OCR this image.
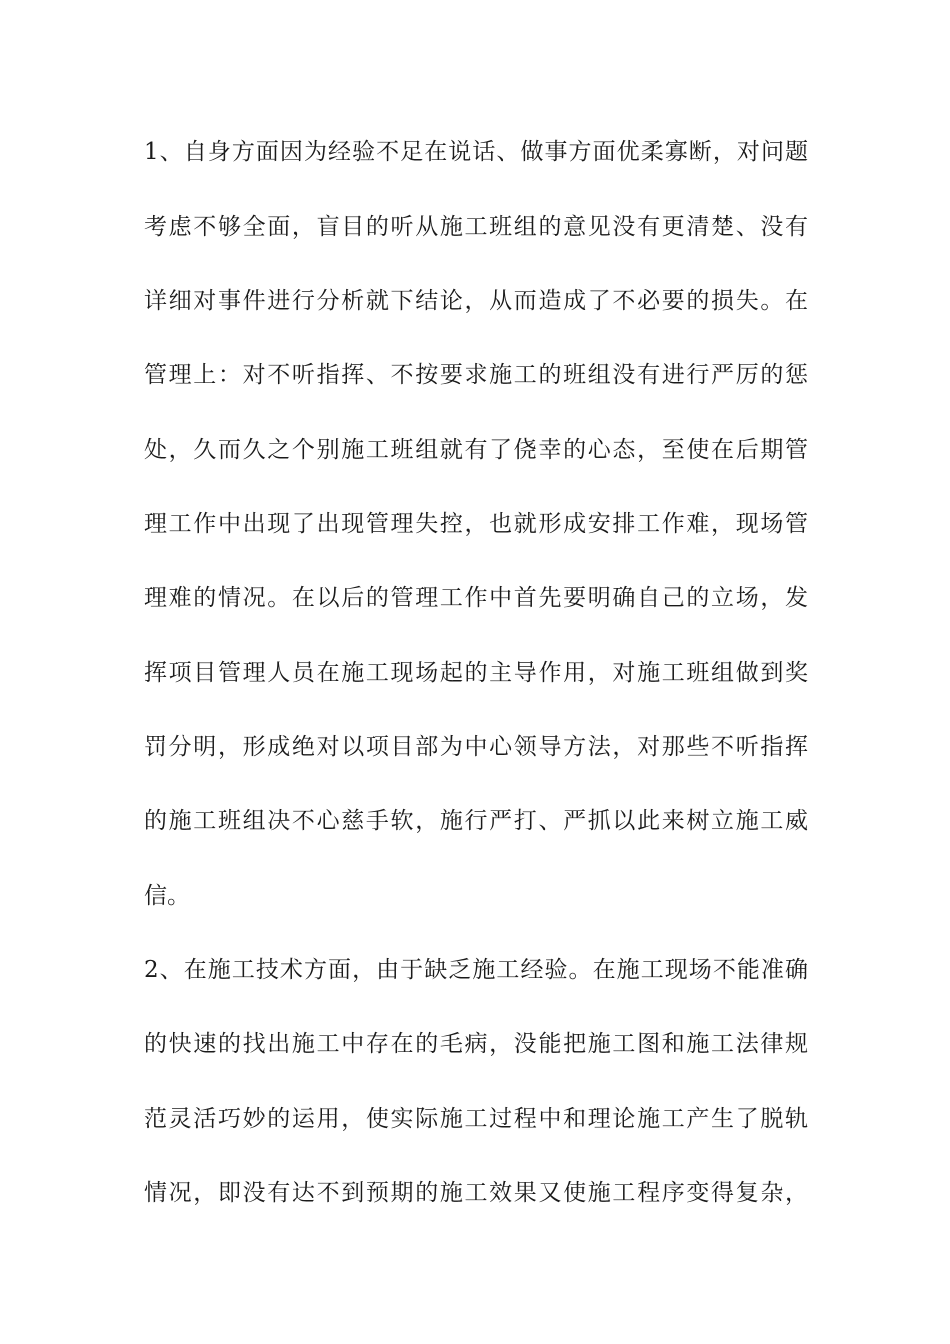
1、自身方面因为经验不足在说话、做事方面优柔寡断，对问题
考虑不够全面，盲目的听从施工班组的意见没有更清楚、没有
详细对事件进行分析就下结论，从而造成了不必要的损失。在
管理上：对不听指挥、不按要求施工的班组没有进行严厉的惩
处，久而久之个别施工班组就有了侥幸的心态，至使在后期管
理工作中出现了出现管理失控，也就形成安排工作难，现场管
理难的情况。在以后的管理工作中首先要明确自己的立场，发
挥项目管理人员在施工现场起的主导作用，对施工班组做到奖
罚分明，形成绝对以项目部为中心领导方法，对那些不听指挥
的施工班组决不心慈手软，施行严打、严抓以此来树立施工威
信。
2、在施工技术方面，由于缺乏施工经验。在施工现场不能准确
的快速的找出施工中存在的毛病，没能把施工图和施工法律规
范灵活巧妙的运用，使实际施工过程中和理论施工产生了脱轨
情况，即没有达不到预期的施工效果又使施工程序变得复杂，
